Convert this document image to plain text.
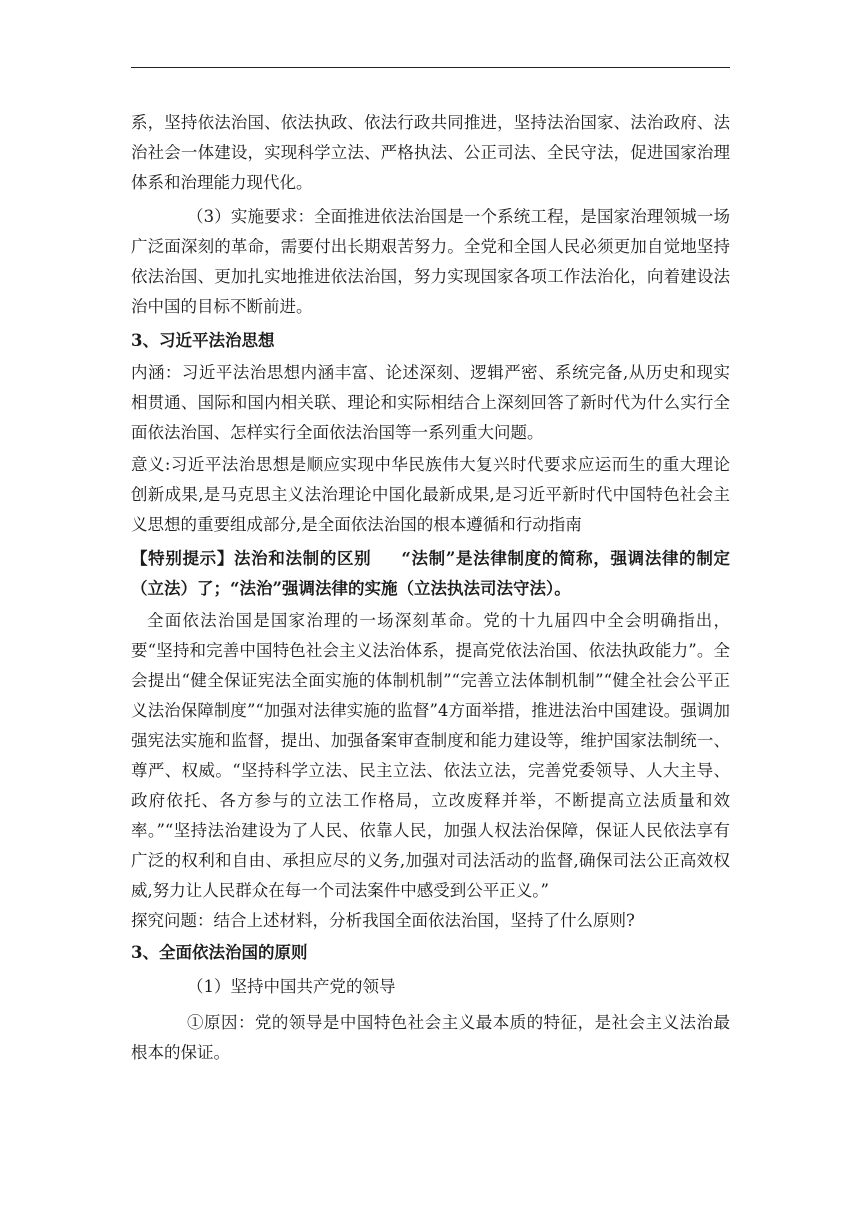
系，坚持依法治国、依法执政、依法行政共同推进，坚持法治国家、法治政府、法治社会一体建设，实现科学立法、严格执法、公正司法、全民守法，促进国家治理体系和治理能力现代化。

（3）实施要求：全面推进依法治国是一个系统工程，是国家治理领城一场广泛面深刻的革命，需要付出长期艰苦努力。全党和全国人民必须更加自觉地坚持依法治国、更加扎实地推进依法治国，努力实现国家各项工作法治化，向着建设法治中国的目标不断前进。

3、习近平法治思想

内涵：习近平法治思想内涵丰富、论述深刻、逻辑严密、系统完备,从历史和现实相贯通、国际和国内相关联、理论和实际相结合上深刻回答了新时代为什么实行全面依法治国、怎样实行全面依法治国等一系列重大问题。

意义:习近平法治思想是顺应实现中华民族伟大复兴时代要求应运而生的重大理论创新成果,是马克思主义法治理论中国化最新成果,是习近平新时代中国特色社会主义思想的重要组成部分,是全面依法治国的根本遵循和行动指南

【特别提示】法治和法制的区别 “法制”是法律制度的简称，强调法律的制定（立法）了；“法治”强调法律的实施（立法执法司法守法）。

全面依法治国是国家治理的一场深刻革命。党的十九届四中全会明确指出，要“坚持和完善中国特色社会主义法治体系，提高党依法治国、依法执政能力”。全会提出“健全保证宪法全面实施的体制机制”“完善立法体制机制”“健全社会公平正义法治保障制度”“加强对法律实施的监督”4方面举措，推进法治中国建设。强调加强宪法实施和监督，提出、加强备案审查制度和能力建设等，维护国家法制统一、尊严、权威。“坚持科学立法、民主立法、依法立法，完善党委领导、人大主导、政府依托、各方参与的立法工作格局，立改废释并举，不断提高立法质量和效率。”“坚持法治建设为了人民、依靠人民，加强人权法治保障，保证人民依法享有广泛的权利和自由、承担应尽的义务,加强对司法活动的监督,确保司法公正高效权威,努力让人民群众在每一个司法案件中感受到公平正义。”

探究问题：结合上述材料，分析我国全面依法治国，坚持了什么原则?

3、全面依法治国的原则

（1）坚持中国共产党的领导

①原因：党的领导是中国特色社会主义最本质的特征，是社会主义法治最根本的保证。
